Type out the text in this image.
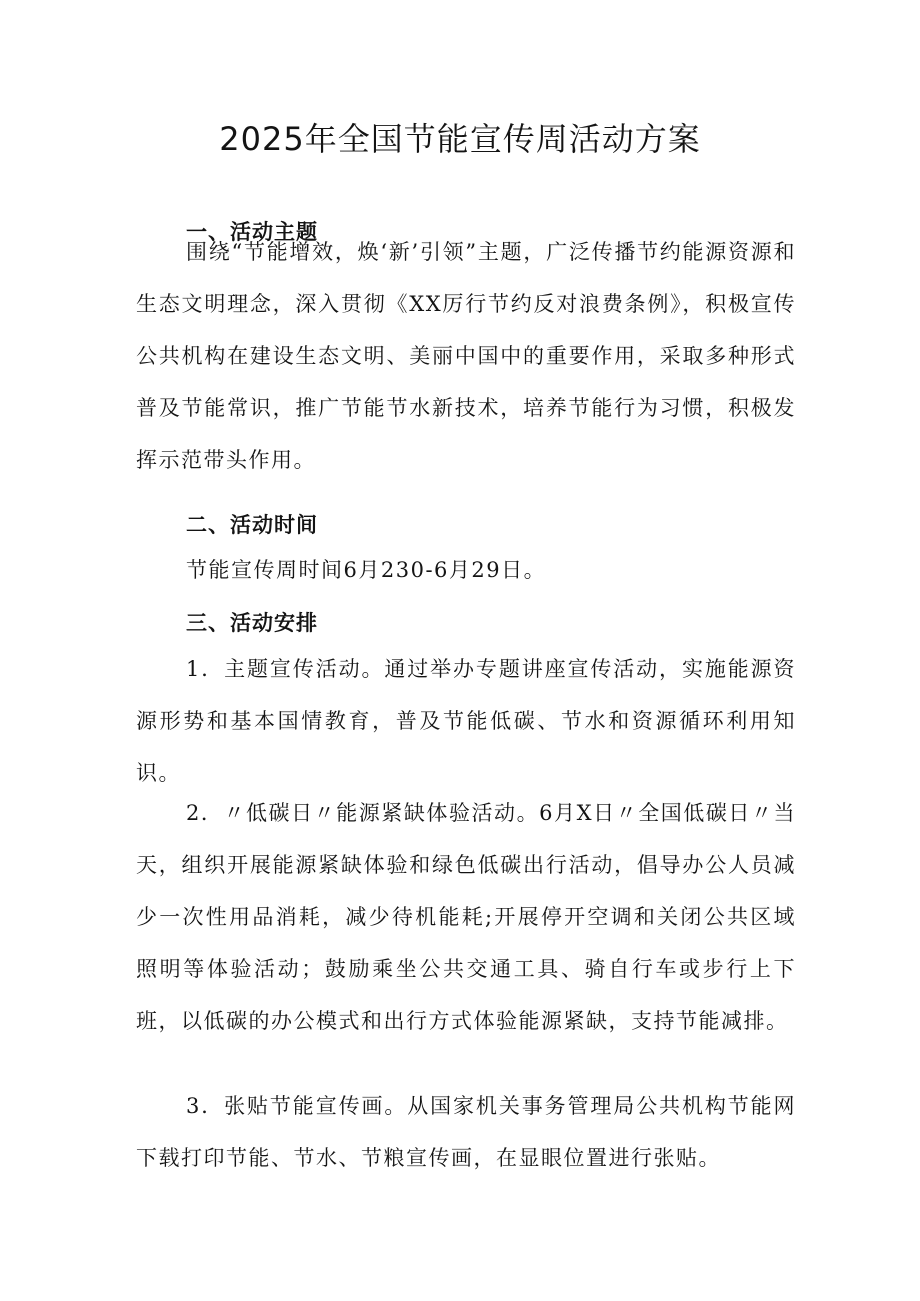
2025年全国节能宣传周活动方案
一、活动主题

围绕“节能增效，焕‘新’引领”主题，广泛传播节约能源资源和生态文明理念，深入贯彻《XX厉行节约反对浪费条例》，积极宣传公共机构在建设生态文明、美丽中国中的重要作用，采取多种形式普及节能常识，推广节能节水新技术，培养节能行为习惯，积极发挥示范带头作用。

二、活动时间

节能宣传周时间6月230-6月29日。

三、活动安排

1．主题宣传活动。通过举办专题讲座宣传活动，实施能源资源形势和基本国情教育，普及节能低碳、节水和资源循环利用知识。

2．〃低碳日〃能源紧缺体验活动。6月X日〃全国低碳日〃当天，组织开展能源紧缺体验和绿色低碳出行活动，倡导办公人员减少一次性用品消耗，减少待机能耗;开展停开空调和关闭公共区域照明等体验活动；鼓励乘坐公共交通工具、骑自行车或步行上下班，以低碳的办公模式和出行方式体验能源紧缺，支持节能减排。

3．张贴节能宣传画。从国家机关事务管理局公共机构节能网下载打印节能、节水、节粮宣传画，在显眼位置进行张贴。
